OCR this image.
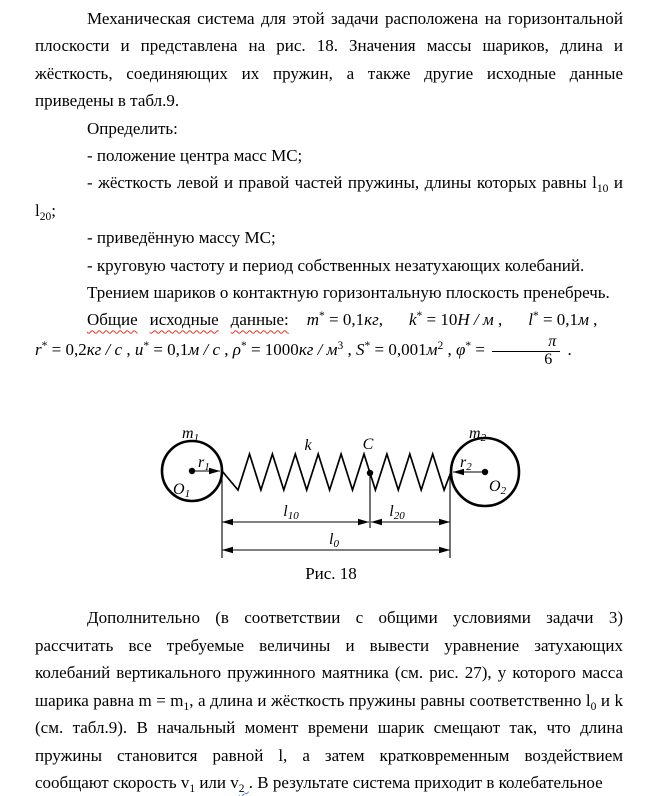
Механическая система для этой задачи расположена на горизонтальной плоскости и представлена на рис. 18. Значения массы шариков, длина и жёсткость, соединяющих их пружин, а также другие исходные данные приведены в табл.9.

Определить:

- положение центра масс МС;

- жёсткость левой и правой частей пружины, длины которых равны $l_{10}$ и $l_{20}$;

- приведённую массу МС;

- круговую частоту и период собственных незатухающих колебаний.

Трением шариков о контактную горизонтальную плоскость пренебречь.

Общие исходные данные: m* = 0,1кг, k* = 10Н / м , l* = 0,1м ,
r* = 0,2кг / с , u* = 0,1м / с , $\rho^* = 1000кг / м^3$ , $S^* = 0,001м^2$ , $\varphi^* = \frac{\pi}{6}$ .

m1	m2
r1	r2
O1	O2
k	C
l10	l20
l0
Рис. 18

Дополнительно (в соответствии с общими условиями задачи 3) рассчитать все требуемые величины и вывести уравнение затухающих колебаний вертикального пружинного маятника (см. рис. 27), у которого масса шарика равна $m = m_1$, а длина и жёсткость пружины равны соответственно $l_0$ и k (см. табл.9). В начальный момент времени шарик смещают так, что длина пружины становится равной l, а затем кратковременным воздействием сообщают скорость $v_1$ или $v_2$ . В результате система приходит в колебательное
